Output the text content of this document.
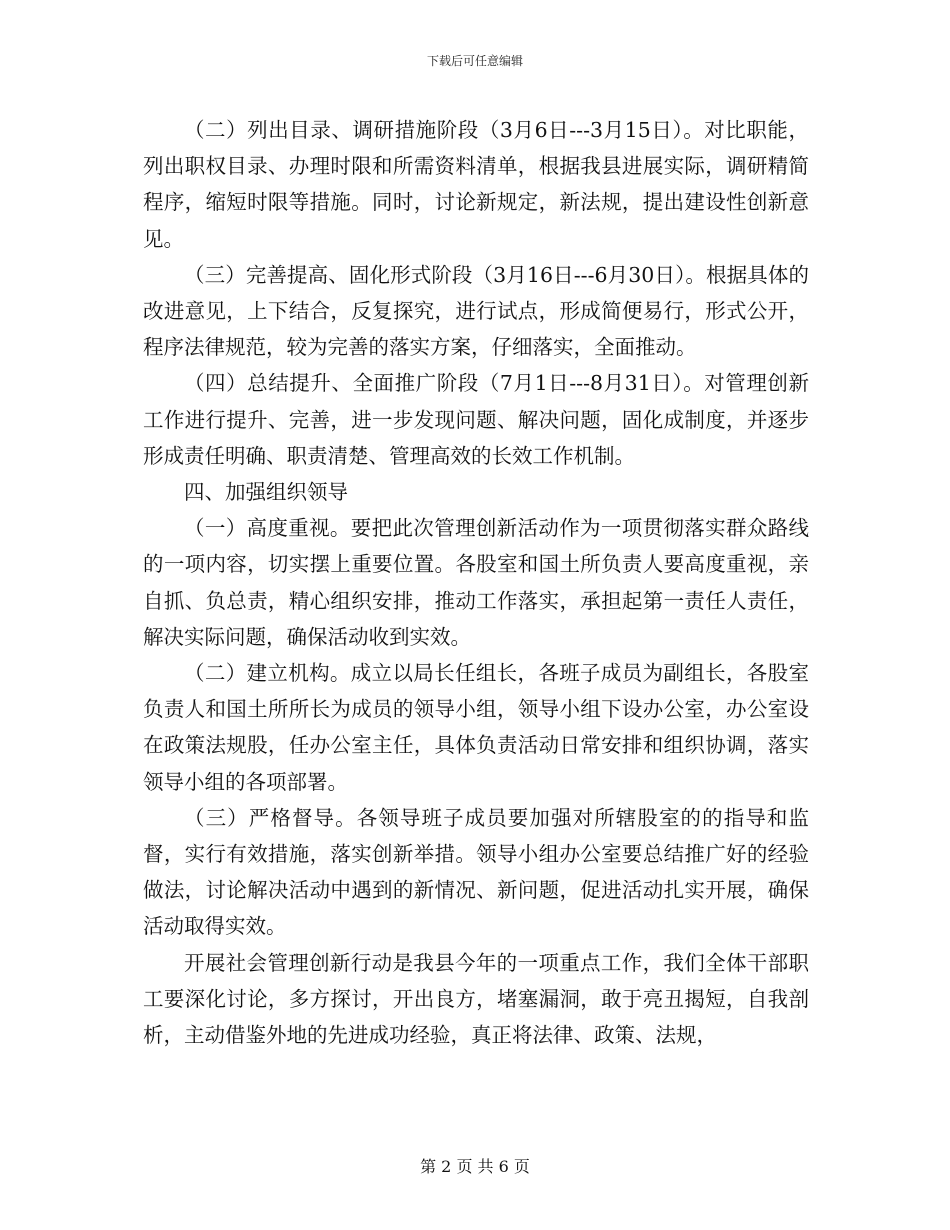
下载后可任意编辑

（二）列出目录、调研措施阶段（3月6日---3月15日）。对比职能，列出职权目录、办理时限和所需资料清单，根据我县进展实际，调研精简程序，缩短时限等措施。同时，讨论新规定，新法规，提出建设性创新意见。

（三）完善提高、固化形式阶段（3月16日---6月30日）。根据具体的改进意见，上下结合，反复探究，进行试点，形成简便易行，形式公开，程序法律规范，较为完善的落实方案，仔细落实，全面推动。

（四）总结提升、全面推广阶段（7月1日---8月31日）。对管理创新工作进行提升、完善，进一步发现问题、解决问题，固化成制度，并逐步形成责任明确、职责清楚、管理高效的长效工作机制。

四、加强组织领导

（一）高度重视。要把此次管理创新活动作为一项贯彻落实群众路线的一项内容，切实摆上重要位置。各股室和国土所负责人要高度重视，亲自抓、负总责，精心组织安排，推动工作落实，承担起第一责任人责任，解决实际问题，确保活动收到实效。

（二）建立机构。成立以局长任组长，各班子成员为副组长，各股室负责人和国土所所长为成员的领导小组，领导小组下设办公室，办公室设在政策法规股，任办公室主任，具体负责活动日常安排和组织协调，落实领导小组的各项部署。

（三）严格督导。各领导班子成员要加强对所辖股室的的指导和监督，实行有效措施，落实创新举措。领导小组办公室要总结推广好的经验做法，讨论解决活动中遇到的新情况、新问题，促进活动扎实开展，确保活动取得实效。

开展社会管理创新行动是我县今年的一项重点工作，我们全体干部职工要深化讨论，多方探讨，开出良方，堵塞漏洞，敢于亮丑揭短，自我剖析，主动借鉴外地的先进成功经验，真正将法律、政策、法规，

第 2 页 共 6 页
